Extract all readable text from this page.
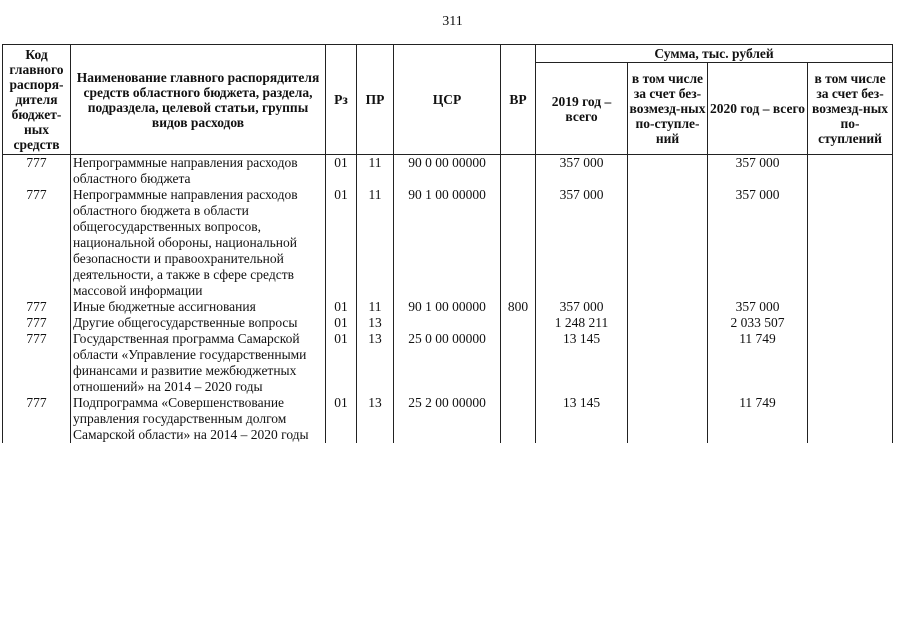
311
Код главного распоря-дителя бюджет-ных средств	Наименование главного распорядителя средств областного бюджета, раздела, подраздела, целевой статьи, группы видов расходов	Рз	ПР	ЦСР	ВР	Сумма, тыс. рублей			
						2019 год – всего	в том числе за счет без-возмезд-ных по-ступле-ний	2020 год – всего	в том числе за счет без-возмезд-ных по-ступлений
777	Непрограммные направления расходов областного бюджета	01	11	90 0 00 00000		357 000		357 000	
777	Непрограммные направления расходов областного бюджета в области общегосударственных вопросов, национальной обороны, национальной безопасности и правоохранительной деятельности, а также в сфере средств массовой информации	01	11	90 1 00 00000		357 000		357 000	
777	Иные бюджетные ассигнования	01	11	90 1 00 00000	800	357 000		357 000	
777	Другие общегосударственные вопросы	01	13			1 248 211		2 033 507	
777	Государственная программа Самарской области «Управление государственными финансами и развитие межбюджетных отношений» на 2014 – 2020 годы	01	13	25 0 00 00000		13 145		11 749	
777	Подпрограмма «Совершенствование управления государственным долгом Самарской области» на 2014 – 2020 годы	01	13	25 2 00 00000		13 145		11 749	
